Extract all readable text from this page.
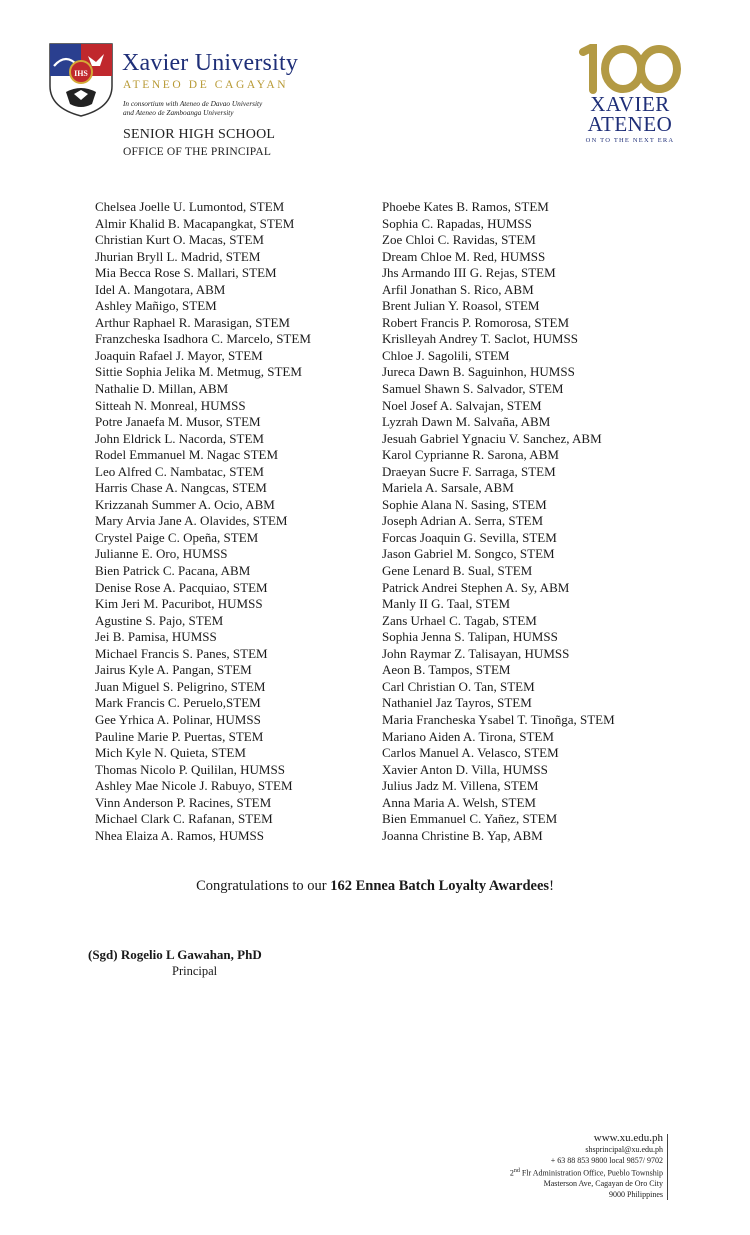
IHS Xavier University
ATENEO DE CAGAYAN
In consortium with Ateneo de Davao University
and Ateneo de Zamboanga University
SENIOR HIGH SCHOOL
OFFICE OF THE PRINCIPAL
XAVIER
ATENEO
ON TO THE NEXT ERA
Chelsea Joelle U. Lumontod, STEM
Almir Khalid B. Macapangkat, STEM
Christian Kurt O. Macas, STEM
Jhurian Bryll L. Madrid, STEM
Mia Becca Rose S. Mallari, STEM
Idel A. Mangotara, ABM
Ashley Mañigo, STEM
Arthur Raphael R. Marasigan, STEM
Franzcheska Isadhora C. Marcelo, STEM
Joaquin Rafael J. Mayor, STEM
Sittie Sophia Jelika M. Metmug, STEM
Nathalie D. Millan, ABM
Sitteah N. Monreal, HUMSS
Potre Janaefa M. Musor, STEM
John Eldrick L. Nacorda, STEM
Rodel Emmanuel M. Nagac STEM
Leo Alfred C. Nambatac, STEM
Harris Chase A. Nangcas, STEM
Krizzanah Summer A. Ocio, ABM
Mary Arvia Jane A. Olavides, STEM
Crystel Paige C. Opeña, STEM
Julianne E. Oro, HUMSS
Bien Patrick C. Pacana, ABM
Denise Rose A. Pacquiao, STEM
Kim Jeri M. Pacuribot, HUMSS
Agustine S. Pajo, STEM
Jei B. Pamisa, HUMSS
Michael Francis S. Panes, STEM
Jairus Kyle A. Pangan, STEM
Juan Miguel S. Peligrino, STEM
Mark Francis C. Peruelo,STEM
Gee Yrhica A. Polinar, HUMSS
Pauline Marie P. Puertas, STEM
Mich Kyle N. Quieta, STEM
Thomas Nicolo P. Quililan, HUMSS
Ashley Mae Nicole J. Rabuyo, STEM
Vinn Anderson P. Racines, STEM
Michael Clark C. Rafanan, STEM
Nhea Elaiza A. Ramos, HUMSS
Phoebe Kates B. Ramos, STEM
Sophia C. Rapadas, HUMSS
Zoe Chloi C. Ravidas, STEM
Dream Chloe M. Red, HUMSS
Jhs Armando III G. Rejas, STEM
Arfil Jonathan S. Rico, ABM
Brent Julian Y. Roasol, STEM
Robert Francis P. Romorosa, STEM
Krislleyah Andrey T. Saclot, HUMSS
Chloe J. Sagolili, STEM
Jureca Dawn B. Saguinhon, HUMSS
Samuel Shawn S. Salvador, STEM
Noel Josef A. Salvajan, STEM
Lyzrah Dawn M. Salvaña, ABM
Jesuah Gabriel Ygnaciu V. Sanchez, ABM
Karol Cyprianne R. Sarona, ABM
Draeyan Sucre F. Sarraga, STEM
Mariela A. Sarsale, ABM
Sophie Alana N. Sasing, STEM
Joseph Adrian A. Serra, STEM
Forcas Joaquin G. Sevilla, STEM
Jason Gabriel M. Songco, STEM
Gene Lenard B. Sual, STEM
Patrick Andrei Stephen A. Sy, ABM
Manly II G. Taal, STEM
Zans Urhael C. Tagab, STEM
Sophia Jenna S. Talipan, HUMSS
John Raymar Z. Talisayan, HUMSS
Aeon B. Tampos, STEM
Carl Christian O. Tan, STEM
Nathaniel Jaz Tayros, STEM
Maria Francheska Ysabel T. Tinoñga, STEM
Mariano Aiden A. Tirona, STEM
Carlos Manuel A. Velasco, STEM
Xavier Anton D. Villa, HUMSS
Julius Jadz M. Villena, STEM
Anna Maria A. Welsh, STEM
Bien Emmanuel C. Yañez, STEM
Joanna Christine B. Yap, ABM
Congratulations to our 162 Ennea Batch Loyalty Awardees!
(Sgd) Rogelio L Gawahan, PhD
Principal
www.xu.edu.ph
shsprincipal@xu.edu.ph
+ 63 88 853 9800 local 9857/ 9702
2nd Flr Administration Office, Pueblo Township
Masterson Ave, Cagayan de Oro City
9000 Philippines
